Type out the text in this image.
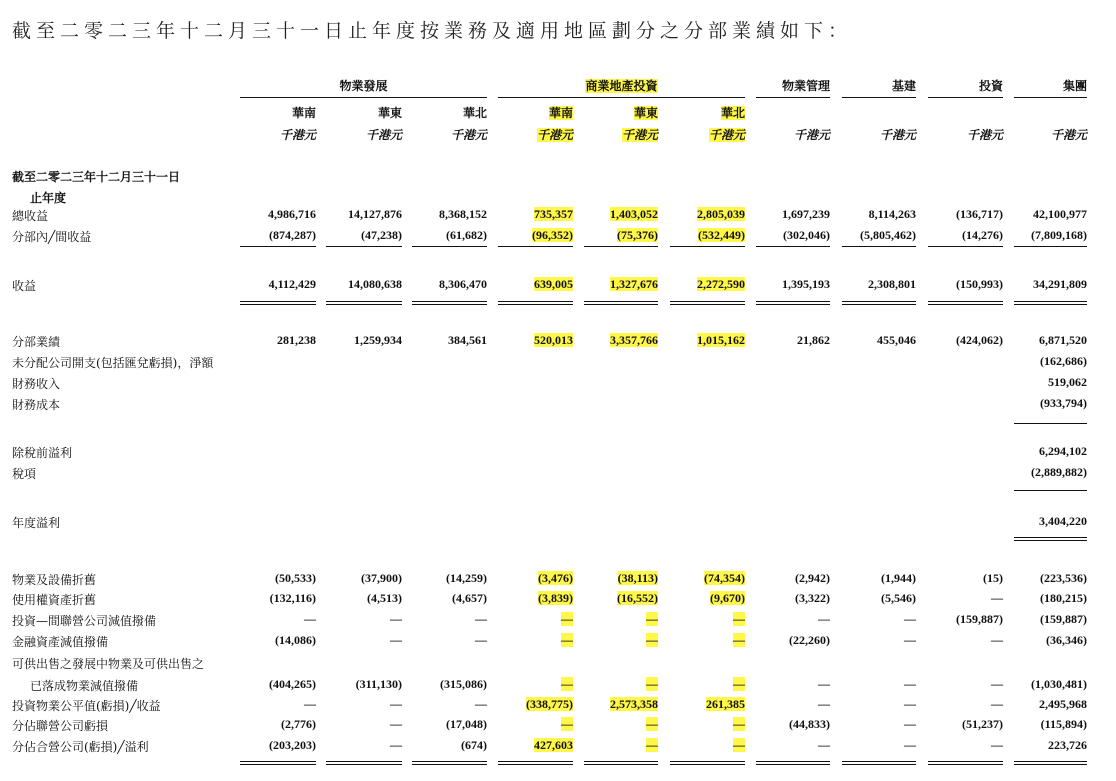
截至二零二三年十二月三十一日止年度按業務及適用地區劃分之分部業績如下：
物業發展	商業地產投資	物業管理	基建	投資	集團
華南	華東	華北	華南	華東	華北
千港元	千港元	千港元	千港元	千港元	千港元	千港元	千港元	千港元	千港元
截至二零二三年十二月三十一日
止年度
總收益	4,986,716	14,127,876	8,368,152	735,357	1,403,052	2,805,039	1,697,239	8,114,263	(136,717)	42,100,977
分部內╱間收益	(874,287)	(47,238)	(61,682)	(96,352)	(75,376)	(532,449)	(302,046)	(5,805,462)	(14,276)	(7,809,168)
收益	4,112,429	14,080,638	8,306,470	639,005	1,327,676	2,272,590	1,395,193	2,308,801	(150,993)	34,291,809
分部業績	281,238	1,259,934	384,561	520,013	3,357,766	1,015,162	21,862	455,046	(424,062)	6,871,520
未分配公司開支(包括匯兌虧損)，淨額	(162,686)
財務收入	519,062
財務成本	(933,794)
除稅前溢利	6,294,102
稅項	(2,889,882)
年度溢利	3,404,220
物業及設備折舊	(50,533)	(37,900)	(14,259)	(3,476)	(38,113)	(74,354)	(2,942)	(1,944)	(15)	(223,536)
使用權資產折舊	(132,116)	(4,513)	(4,657)	(3,839)	(16,552)	(9,670)	(3,322)	(5,546)	—	(180,215)
投資—間聯營公司減值撥備	—	—	—	—	—	—	—	—	(159,887)	(159,887)
金融資產減值撥備	(14,086)	—	—	—	—	—	(22,260)	—	—	(36,346)
可供出售之發展中物業及可供出售之
已落成物業減值撥備	(404,265)	(311,130)	(315,086)	—	—	—	—	—	—	(1,030,481)
投資物業公平值(虧損)╱收益	—	—	—	(338,775)	2,573,358	261,385	—	—	—	2,495,968
分佔聯營公司虧損	(2,776)	—	(17,048)	—	—	—	(44,833)	—	(51,237)	(115,894)
分佔合營公司(虧損)╱溢利	(203,203)	—	(674)	427,603	—	—	—	—	—	223,726
